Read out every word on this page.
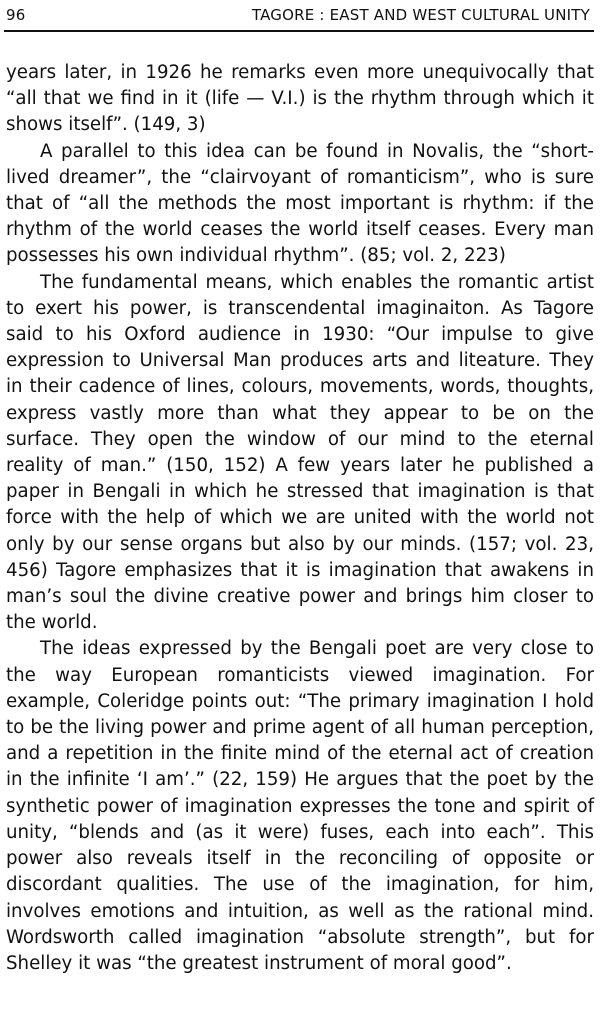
96	TAGORE : EAST AND WEST CULTURAL UNITY

years later, in 1926 he remarks even more unequivocally that “all that we find in it (life — V.I.) is the rhythm through which it shows itself”. (149, 3)

A parallel to this idea can be found in Novalis, the “short-lived dreamer”, the “clairvoyant of romanticism”, who is sure that of “all the methods the most important is rhythm: if the rhythm of the world ceases the world itself ceases. Every man possesses his own individual rhythm”. (85; vol. 2, 223)

The fundamental means, which enables the romantic artist to exert his power, is transcendental imaginaiton. As Tagore said to his Oxford audience in 1930: “Our impulse to give expression to Universal Man produces arts and liteature. They in their cadence of lines, colours, movements, words, thoughts, express vastly more than what they appear to be on the surface. They open the window of our mind to the eternal reality of man.” (150, 152) A few years later he published a paper in Bengali in which he stressed that imagination is that force with the help of which we are united with the world not only by our sense organs but also by our minds. (157; vol. 23, 456) Tagore emphasizes that it is imagination that awakens in man’s soul the divine creative power and brings him closer to the world.

The ideas expressed by the Bengali poet are very close to the way European romanticists viewed imagination. For example, Coleridge points out: “The primary imagination I hold to be the living power and prime agent of all human perception, and a repetition in the finite mind of the eternal act of creation in the infinite ‘I am’.” (22, 159) He argues that the poet by the synthetic power of imagination expresses the tone and spirit of unity, “blends and (as it were) fuses, each into each”. This power also reveals itself in the reconciling of opposite or discordant qualities. The use of the imagination, for him, involves emotions and intuition, as well as the rational mind. Wordsworth called imagination “absolute strength”, but for Shelley it was “the greatest instrument of moral good”.
